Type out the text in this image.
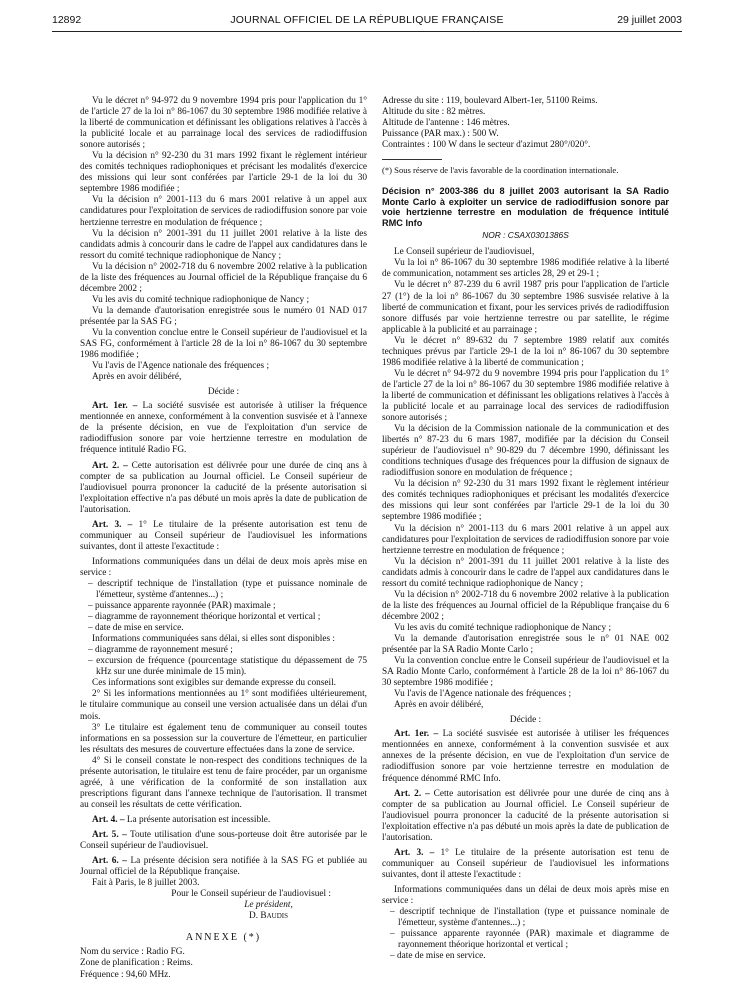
12892	JOURNAL OFFICIEL DE LA RÉPUBLIQUE FRANÇAISE	29 juillet 2003

Vu le décret n° 94-972 du 9 novembre 1994 pris pour l'application du 1° de l'article 27 de la loi n° 86-1067 du 30 septembre 1986 modifiée relative à la liberté de communication et définissant les obligations relatives à l'accès à la publicité locale et au parrainage local des services de radiodiffusion sonore autorisés ;

Vu la décision n° 92-230 du 31 mars 1992 fixant le règlement intérieur des comités techniques radiophoniques et précisant les modalités d'exercice des missions qui leur sont conférées par l'article 29-1 de la loi du 30 septembre 1986 modifiée ;

Vu la décision n° 2001-113 du 6 mars 2001 relative à un appel aux candidatures pour l'exploitation de services de radiodiffusion sonore par voie hertzienne terrestre en modulation de fréquence ;

Vu la décision n° 2001-391 du 11 juillet 2001 relative à la liste des candidats admis à concourir dans le cadre de l'appel aux candidatures dans le ressort du comité technique radiophonique de Nancy ;

Vu la décision n° 2002-718 du 6 novembre 2002 relative à la publication de la liste des fréquences au Journal officiel de la République française du 6 décembre 2002 ;

Vu les avis du comité technique radiophonique de Nancy ;

Vu la demande d'autorisation enregistrée sous le numéro 01 NAD 017 présentée par la SAS FG ;

Vu la convention conclue entre le Conseil supérieur de l'audiovisuel et la SAS FG, conformément à l'article 28 de la loi n° 86-1067 du 30 septembre 1986 modifiée ;

Vu l'avis de l'Agence nationale des fréquences ;

Après en avoir délibéré,

Décide :

Art. 1er. – La société susvisée est autorisée à utiliser la fréquence mentionnée en annexe, conformément à la convention susvisée et à l'annexe de la présente décision, en vue de l'exploitation d'un service de radiodiffusion sonore par voie hertzienne terrestre en modulation de fréquence intitulé Radio FG.

Art. 2. – Cette autorisation est délivrée pour une durée de cinq ans à compter de sa publication au Journal officiel. Le Conseil supérieur de l'audiovisuel pourra prononcer la caducité de la présente autorisation si l'exploitation effective n'a pas débuté un mois après la date de publication de l'autorisation.

Art. 3. – 1° Le titulaire de la présente autorisation est tenu de communiquer au Conseil supérieur de l'audiovisuel les informations suivantes, dont il atteste l'exactitude :

Informations communiquées dans un délai de deux mois après mise en service :

– descriptif technique de l'installation (type et puissance nominale de l'émetteur, système d'antennes...) ;
– puissance apparente rayonnée (PAR) maximale ;
– diagramme de rayonnement théorique horizontal et vertical ;
– date de mise en service.

Informations communiquées sans délai, si elles sont disponibles :

– diagramme de rayonnement mesuré ;
– excursion de fréquence (pourcentage statistique du dépassement de 75 kHz sur une durée minimale de 15 min).

Ces informations sont exigibles sur demande expresse du conseil.

2° Si les informations mentionnées au 1° sont modifiées ultérieurement, le titulaire communique au conseil une version actualisée dans un délai d'un mois.

3° Le titulaire est également tenu de communiquer au conseil toutes informations en sa possession sur la couverture de l'émetteur, en particulier les résultats des mesures de couverture effectuées dans la zone de service.

4° Si le conseil constate le non-respect des conditions techniques de la présente autorisation, le titulaire est tenu de faire procéder, par un organisme agréé, à une vérification de la conformité de son installation aux prescriptions figurant dans l'annexe technique de l'autorisation. Il transmet au conseil les résultats de cette vérification.

Art. 4. – La présente autorisation est incessible.

Art. 5. – Toute utilisation d'une sous-porteuse doit être autorisée par le Conseil supérieur de l'audiovisuel.

Art. 6. – La présente décision sera notifiée à la SAS FG et publiée au Journal officiel de la République française.

Fait à Paris, le 8 juillet 2003.

Pour le Conseil supérieur de l'audiovisuel :

Le président,

D. Baudis

ANNEXE (*)

Nom du service : Radio FG.

Zone de planification : Reims.

Fréquence : 94,60 MHz.

Adresse du site : 119, boulevard Albert-1er, 51100 Reims.

Altitude du site : 82 mètres.

Altitude de l'antenne : 146 mètres.

Puissance (PAR max.) : 500 W.

Contraintes : 100 W dans le secteur d'azimut 280°/020°.

(*) Sous réserve de l'avis favorable de la coordination internationale.

Décision n° 2003-386 du 8 juillet 2003 autorisant la SA Radio Monte Carlo à exploiter un service de radiodiffusion sonore par voie hertzienne terrestre en modulation de fréquence intitulé RMC Info

NOR : CSAX0301386S

Le Conseil supérieur de l'audiovisuel,

Vu la loi n° 86-1067 du 30 septembre 1986 modifiée relative à la liberté de communication, notamment ses articles 28, 29 et 29-1 ;

Vu le décret n° 87-239 du 6 avril 1987 pris pour l'application de l'article 27 (1°) de la loi n° 86-1067 du 30 septembre 1986 susvisée relative à la liberté de communication et fixant, pour les services privés de radiodiffusion sonore diffusés par voie hertzienne terrestre ou par satellite, le régime applicable à la publicité et au parrainage ;

Vu le décret n° 89-632 du 7 septembre 1989 relatif aux comités techniques prévus par l'article 29-1 de la loi n° 86-1067 du 30 septembre 1986 modifiée relative à la liberté de communication ;

Vu le décret n° 94-972 du 9 novembre 1994 pris pour l'application du 1° de l'article 27 de la loi n° 86-1067 du 30 septembre 1986 modifiée relative à la liberté de communication et définissant les obligations relatives à l'accès à la publicité locale et au parrainage local des services de radiodiffusion sonore autorisés ;

Vu la décision de la Commission nationale de la communication et des libertés n° 87-23 du 6 mars 1987, modifiée par la décision du Conseil supérieur de l'audiovisuel n° 90-829 du 7 décembre 1990, définissant les conditions techniques d'usage des fréquences pour la diffusion de signaux de radiodiffusion sonore en modulation de fréquence ;

Vu la décision n° 92-230 du 31 mars 1992 fixant le règlement intérieur des comités techniques radiophoniques et précisant les modalités d'exercice des missions qui leur sont conférées par l'article 29-1 de la loi du 30 septembre 1986 modifiée ;

Vu la décision n° 2001-113 du 6 mars 2001 relative à un appel aux candidatures pour l'exploitation de services de radiodiffusion sonore par voie hertzienne terrestre en modulation de fréquence ;

Vu la décision n° 2001-391 du 11 juillet 2001 relative à la liste des candidats admis à concourir dans le cadre de l'appel aux candidatures dans le ressort du comité technique radiophonique de Nancy ;

Vu la décision n° 2002-718 du 6 novembre 2002 relative à la publication de la liste des fréquences au Journal officiel de la République française du 6 décembre 2002 ;

Vu les avis du comité technique radiophonique de Nancy ;

Vu la demande d'autorisation enregistrée sous le n° 01 NAE 002 présentée par la SA Radio Monte Carlo ;

Vu la convention conclue entre le Conseil supérieur de l'audiovisuel et la SA Radio Monte Carlo, conformément à l'article 28 de la loi n° 86-1067 du 30 septembre 1986 modifiée ;

Vu l'avis de l'Agence nationale des fréquences ;

Après en avoir délibéré,

Décide :

Art. 1er. – La société susvisée est autorisée à utiliser les fréquences mentionnées en annexe, conformément à la convention susvisée et aux annexes de la présente décision, en vue de l'exploitation d'un service de radiodiffusion sonore par voie hertzienne terrestre en modulation de fréquence dénommé RMC Info.

Art. 2. – Cette autorisation est délivrée pour une durée de cinq ans à compter de sa publication au Journal officiel. Le Conseil supérieur de l'audiovisuel pourra prononcer la caducité de la présente autorisation si l'exploitation effective n'a pas débuté un mois après la date de publication de l'autorisation.

Art. 3. – 1° Le titulaire de la présente autorisation est tenu de communiquer au Conseil supérieur de l'audiovisuel les informations suivantes, dont il atteste l'exactitude :

Informations communiquées dans un délai de deux mois après mise en service :

– descriptif technique de l'installation (type et puissance nominale de l'émetteur, système d'antennes...) ;
– puissance apparente rayonnée (PAR) maximale et diagramme de rayonnement théorique horizontal et vertical ;
– date de mise en service.
